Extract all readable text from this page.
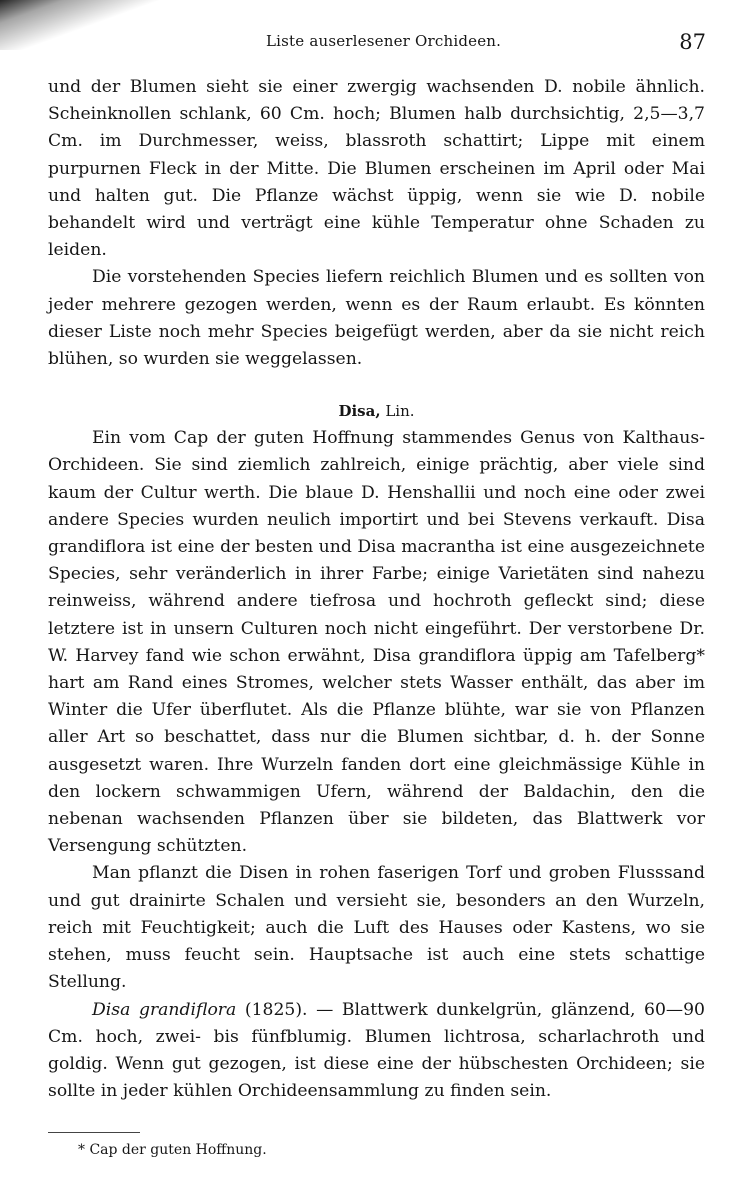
Liste auserlesener Orchideen.	87

und der Blumen sieht sie einer zwergig wachsenden D. nobile ähnlich. Scheinknollen schlank, 60 Cm. hoch; Blumen halb durchsichtig, 2,5—3,7 Cm. im Durchmesser, weiss, blassroth schattirt; Lippe mit einem purpurnen Fleck in der Mitte. Die Blumen erscheinen im April oder Mai und halten gut. Die Pflanze wächst üppig, wenn sie wie D. nobile behandelt wird und verträgt eine kühle Temperatur ohne Schaden zu leiden.

Die vorstehenden Species liefern reichlich Blumen und es sollten von jeder mehrere gezogen werden, wenn es der Raum erlaubt. Es könnten dieser Liste noch mehr Species beigefügt werden, aber da sie nicht reich blühen, so wurden sie weggelassen.

Disa, Lin.

Ein vom Cap der guten Hoffnung stammendes Genus von Kalthaus-Orchideen. Sie sind ziemlich zahlreich, einige prächtig, aber viele sind kaum der Cultur werth. Die blaue D. Henshallii und noch eine oder zwei andere Species wurden neulich importirt und bei Stevens verkauft. Disa grandiflora ist eine der besten und Disa macrantha ist eine ausgezeichnete Species, sehr veränderlich in ihrer Farbe; einige Varietäten sind nahezu reinweiss, während andere tiefrosa und hochroth gefleckt sind; diese letztere ist in unsern Culturen noch nicht eingeführt. Der verstorbene Dr. W. Harvey fand wie schon erwähnt, Disa grandiflora üppig am Tafelberg* hart am Rand eines Stromes, welcher stets Wasser enthält, das aber im Winter die Ufer überflutet. Als die Pflanze blühte, war sie von Pflanzen aller Art so beschattet, dass nur die Blumen sichtbar, d. h. der Sonne ausgesetzt waren. Ihre Wurzeln fanden dort eine gleichmässige Kühle in den lockern schwammigen Ufern, während der Baldachin, den die nebenan wachsenden Pflanzen über sie bildeten, das Blattwerk vor Versengung schützten.

Man pflanzt die Disen in rohen faserigen Torf und groben Flusssand und gut drainirte Schalen und versieht sie, besonders an den Wurzeln, reich mit Feuchtigkeit; auch die Luft des Hauses oder Kastens, wo sie stehen, muss feucht sein. Hauptsache ist auch eine stets schattige Stellung.

Disa grandiflora (1825). — Blattwerk dunkelgrün, glänzend, 60—90 Cm. hoch, zwei- bis fünfblumig. Blumen lichtrosa, scharlachroth und goldig. Wenn gut gezogen, ist diese eine der hübschesten Orchideen; sie sollte in jeder kühlen Orchideensammlung zu finden sein.

* Cap der guten Hoffnung.
